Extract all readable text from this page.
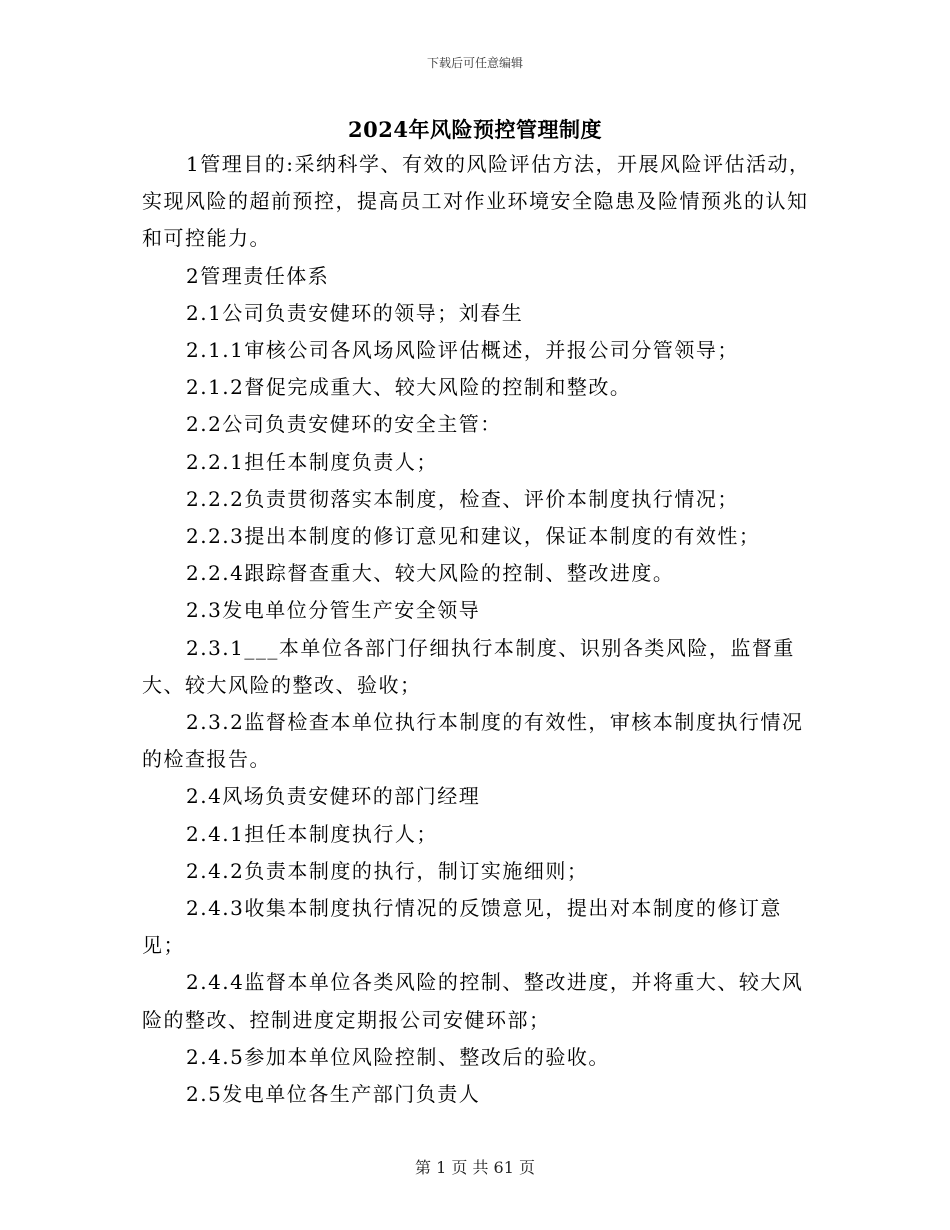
下载后可任意编辑
2024年风险预控管理制度

1管理目的:采纳科学、有效的风险评估方法，开展风险评估活动，实现风险的超前预控，提高员工对作业环境安全隐患及险情预兆的认知和可控能力。

2管理责任体系

2.1公司负责安健环的领导；刘春生

2.1.1审核公司各风场风险评估概述，并报公司分管领导；

2.1.2督促完成重大、较大风险的控制和整改。

2.2公司负责安健环的安全主管：

2.2.1担任本制度负责人；

2.2.2负责贯彻落实本制度，检查、评价本制度执行情况；

2.2.3提出本制度的修订意见和建议，保证本制度的有效性；

2.2.4跟踪督查重大、较大风险的控制、整改进度。

2.3发电单位分管生产安全领导

2.3.1___本单位各部门仔细执行本制度、识别各类风险，监督重大、较大风险的整改、验收；

2.3.2监督检查本单位执行本制度的有效性，审核本制度执行情况的检查报告。

2.4风场负责安健环的部门经理

2.4.1担任本制度执行人；

2.4.2负责本制度的执行，制订实施细则；

2.4.3收集本制度执行情况的反馈意见，提出对本制度的修订意见；

2.4.4监督本单位各类风险的控制、整改进度，并将重大、较大风险的整改、控制进度定期报公司安健环部；

2.4.5参加本单位风险控制、整改后的验收。

2.5发电单位各生产部门负责人

第 1 页 共 61 页
